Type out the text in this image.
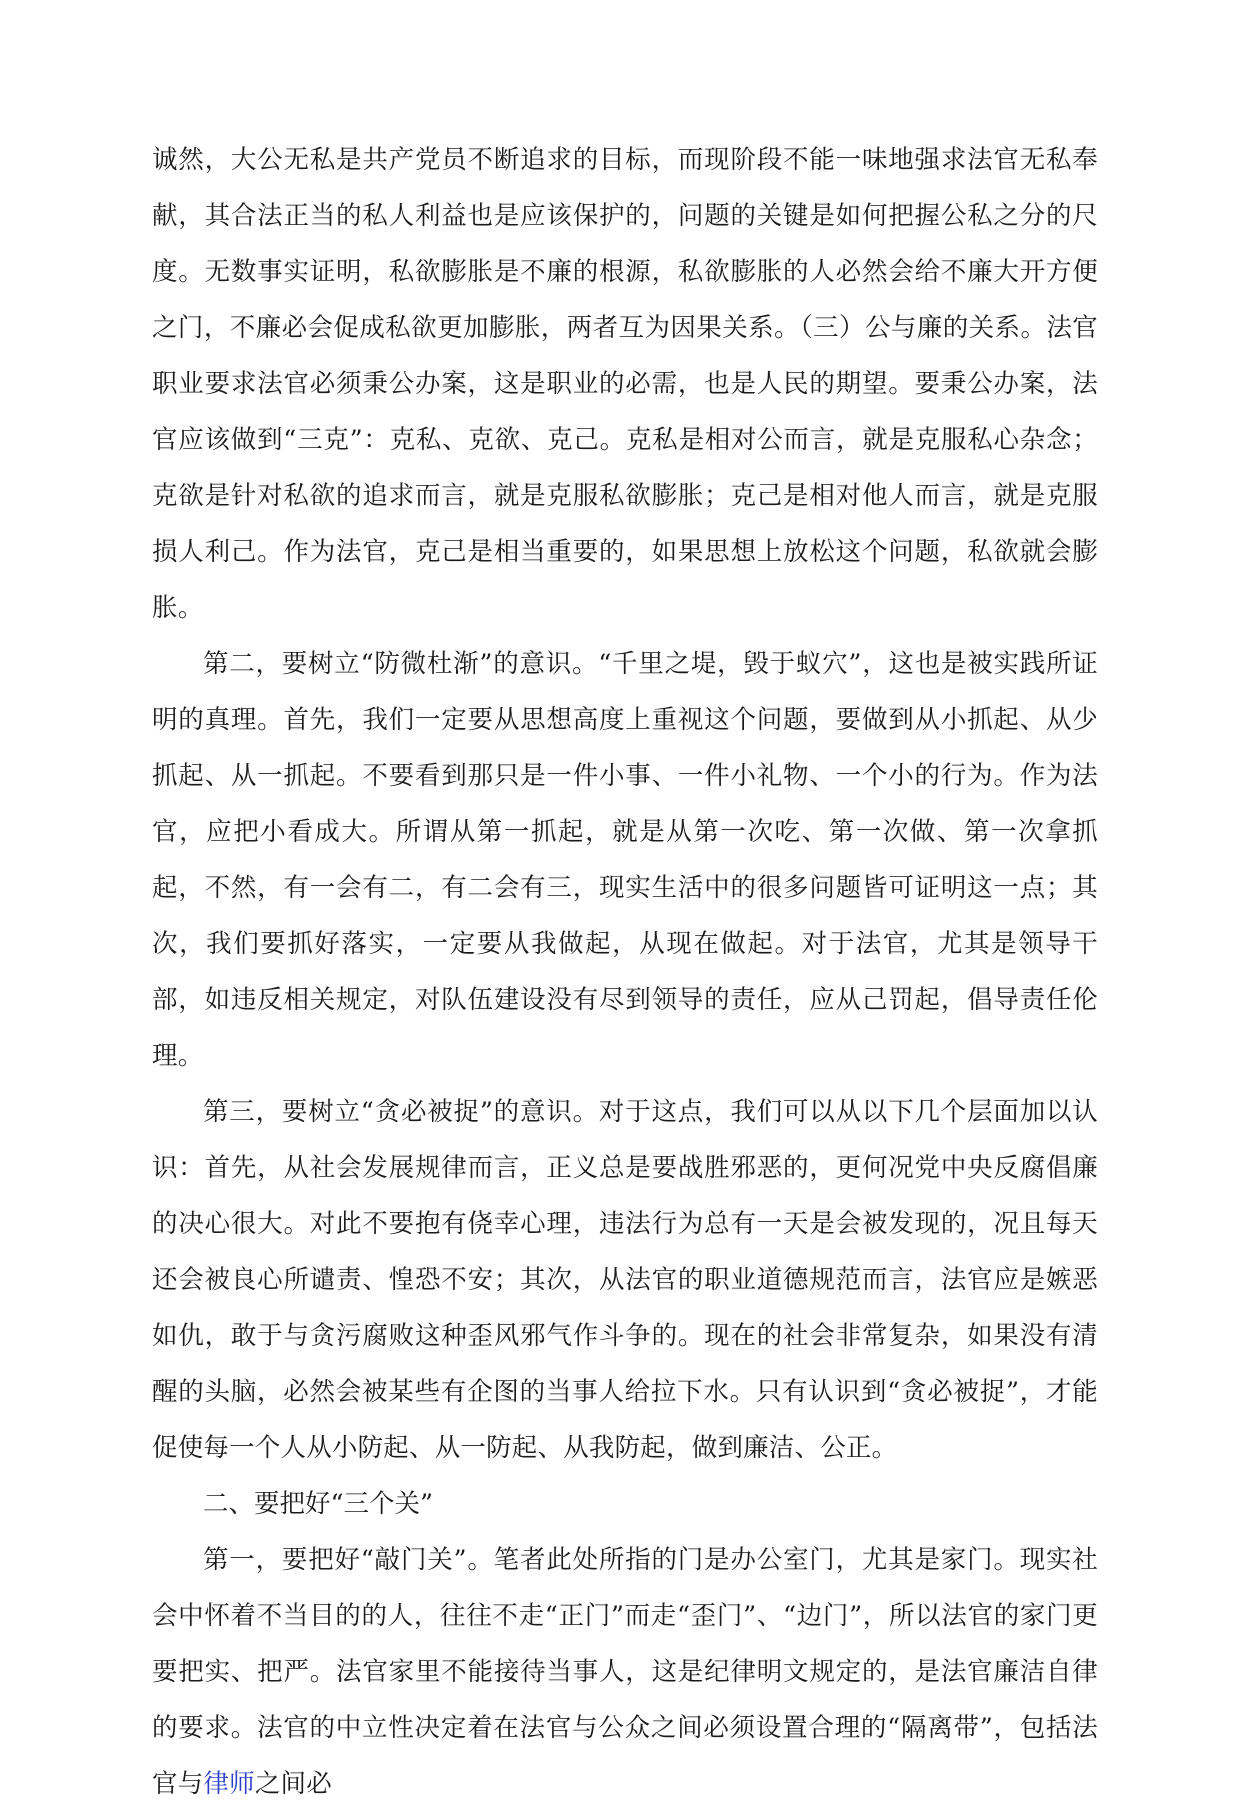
诚然，大公无私是共产党员不断追求的目标，而现阶段不能一味地强求法官无私奉献，其合法正当的私人利益也是应该保护的，问题的关键是如何把握公私之分的尺度。无数事实证明，私欲膨胀是不廉的根源，私欲膨胀的人必然会给不廉大开方便之门，不廉必会促成私欲更加膨胀，两者互为因果关系。（三）公与廉的关系。法官职业要求法官必须秉公办案，这是职业的必需，也是人民的期望。要秉公办案，法官应该做到“三克”：克私、克欲、克己。克私是相对公而言，就是克服私心杂念；克欲是针对私欲的追求而言，就是克服私欲膨胀；克己是相对他人而言，就是克服损人利己。作为法官，克己是相当重要的，如果思想上放松这个问题，私欲就会膨胀。

第二，要树立“防微杜渐”的意识。“千里之堤，毁于蚁穴”，这也是被实践所证明的真理。首先，我们一定要从思想高度上重视这个问题，要做到从小抓起、从少抓起、从一抓起。不要看到那只是一件小事、一件小礼物、一个小的行为。作为法官，应把小看成大。所谓从第一抓起，就是从第一次吃、第一次做、第一次拿抓起，不然，有一会有二，有二会有三，现实生活中的很多问题皆可证明这一点；其次，我们要抓好落实，一定要从我做起，从现在做起。对于法官，尤其是领导干部，如违反相关规定，对队伍建设没有尽到领导的责任，应从己罚起，倡导责任伦理。

第三，要树立“贪必被捉”的意识。对于这点，我们可以从以下几个层面加以认识：首先，从社会发展规律而言，正义总是要战胜邪恶的，更何况党中央反腐倡廉的决心很大。对此不要抱有侥幸心理，违法行为总有一天是会被发现的，况且每天还会被良心所谴责、惶恐不安；其次，从法官的职业道德规范而言，法官应是嫉恶如仇，敢于与贪污腐败这种歪风邪气作斗争的。现在的社会非常复杂，如果没有清醒的头脑，必然会被某些有企图的当事人给拉下水。只有认识到“贪必被捉”，才能促使每一个人从小防起、从一防起、从我防起，做到廉洁、公正。

二、要把好“三个关”

第一，要把好“敲门关”。笔者此处所指的门是办公室门，尤其是家门。现实社会中怀着不当目的的人，往往不走“正门”而走“歪门”、“边门”，所以法官的家门更要把实、把严。法官家里不能接待当事人，这是纪律明文规定的，是法官廉洁自律的要求。法官的中立性决定着在法官与公众之间必须设置合理的“隔离带”，包括法官与律师之间必
